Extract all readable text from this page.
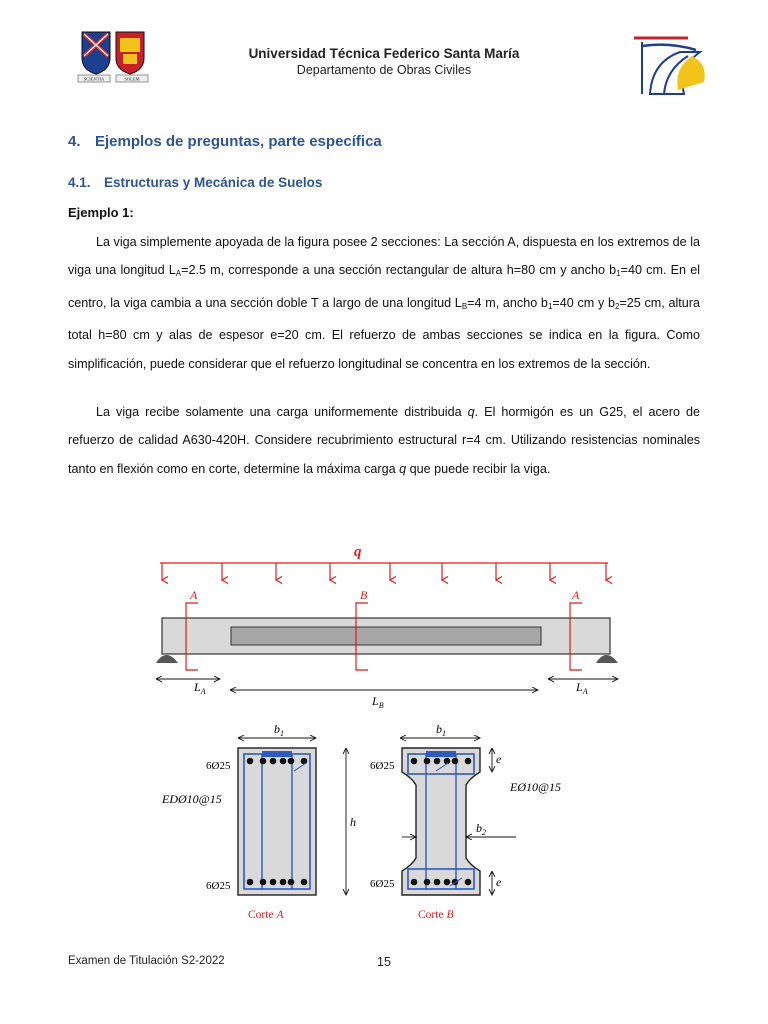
SCIENTIA	SOLEM
Universidad Técnica Federico Santa María
Departamento de Obras Civiles
4. Ejemplos de preguntas, parte específica
4.1. Estructuras y Mecánica de Suelos
Ejemplo 1:
La viga simplemente apoyada de la figura posee 2 secciones: La sección A, dispuesta en los extremos de la viga una longitud $L_A=2.5$ m, corresponde a una sección rectangular de altura h=80 cm y ancho $b_1=40$ cm. En el centro, la viga cambia a una sección doble T a largo de una longitud $L_B=4$ m, ancho $b_1=40$ cm y $b_2=25$ cm, altura total h=80 cm y alas de espesor e=20 cm. El refuerzo de ambas secciones se indica en la figura. Como simplificación, puede considerar que el refuerzo longitudinal se concentra en los extremos de la sección.
La viga recibe solamente una carga uniformemente distribuida q. El hormigón es un G25, el acero de refuerzo de calidad A630-420H. Considere recubrimiento estructural r=4 cm. Utilizando resistencias nominales tanto en flexión como en corte, determine la máxima carga q que puede recibir la viga.
q
A	B	A
$L_A$
$L_B$
$L_A$
$b_1$
h
6Ø25
EDØ10@15
6Ø25
Corte A
$b_1$
$b_2$
e
e
6Ø25
EØ10@15
6Ø25
Corte B
Examen de Titulación S2-2022	15
